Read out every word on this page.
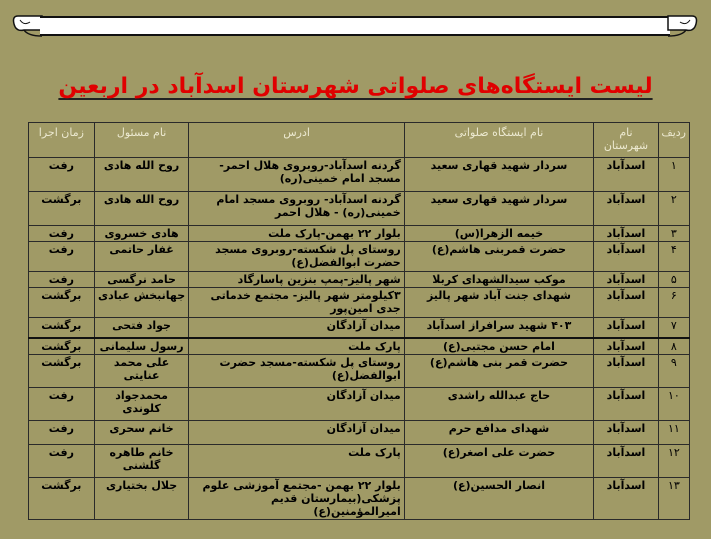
لیست ایستگاه‌های صلواتی شهرستان اسدآباد در اربعین
ردیف	نام شهرستان	نام ایستگاه صلواتی	ادرس	نام مسئول	زمان اجرا
۱	اسدآباد	سردار شهید قهاری سعید	گردنه اسدآباد-روبروی هلال احمر-مسجد امام خمینی(ره)	روح الله هادی	رفت
۲	اسدآباد	سردار شهید قهاری سعید	گردنه اسدآباد- روبروی مسجد امام خمینی(ره) - هلال احمر	روح الله هادی	برگشت
۳	اسدآباد	خیمه الزهرا(س)	بلوار ۲۲ بهمن-پارک ملت	هادی خسروی	رفت
۴	اسدآباد	حضرت قمربنی هاشم(ع)	روستای پل شکسته-روبروی مسجد حضرت ابوالفضل(ع)	غفار حاتمی	رفت
۵	اسدآباد	موکب سیدالشهدای کربلا	شهر پالیز-پمپ بنزین پاسارگاد	حامد نرگسی	رفت
۶	اسدآباد	شهدای جنت آباد شهر پالیز	۳کیلومتر شهر پالیز- مجتمع خدماتی جدی امین‌پور	جهانبخش عبادی	برگشت
۷	اسدآباد	۴۰۳ شهید سرافراز اسدآباد	میدان آزادگان	جواد فتحی	برگشت
۸	اسدآباد	امام حسن مجتبی(ع)	پارک ملت	رسول سلیمانی	برگشت
۹	اسدآباد	حضرت قمر بنی هاشم(ع)	روستای پل شکسته-مسجد حضرت ابوالفضل(ع)	علی محمد عنایتی	برگشت
۱۰	اسدآباد	حاج عبدالله راشدی	میدان آزادگان	محمدجواد کلوندی	رفت
۱۱	اسدآباد	شهدای مدافع حرم	میدان آزادگان	خانم سحری	رفت
۱۲	اسدآباد	حضرت علی اصغر(ع)	پارک ملت	خانم طاهره گلشنی	رفت
۱۳	اسدآباد	انصار الحسین(ع)	بلوار ۲۲ بهمن -مجتمع آموزشی علوم پزشکی(بیمارستان قدیم امیرالمؤمنین(ع)	جلال بختیاری	برگشت
